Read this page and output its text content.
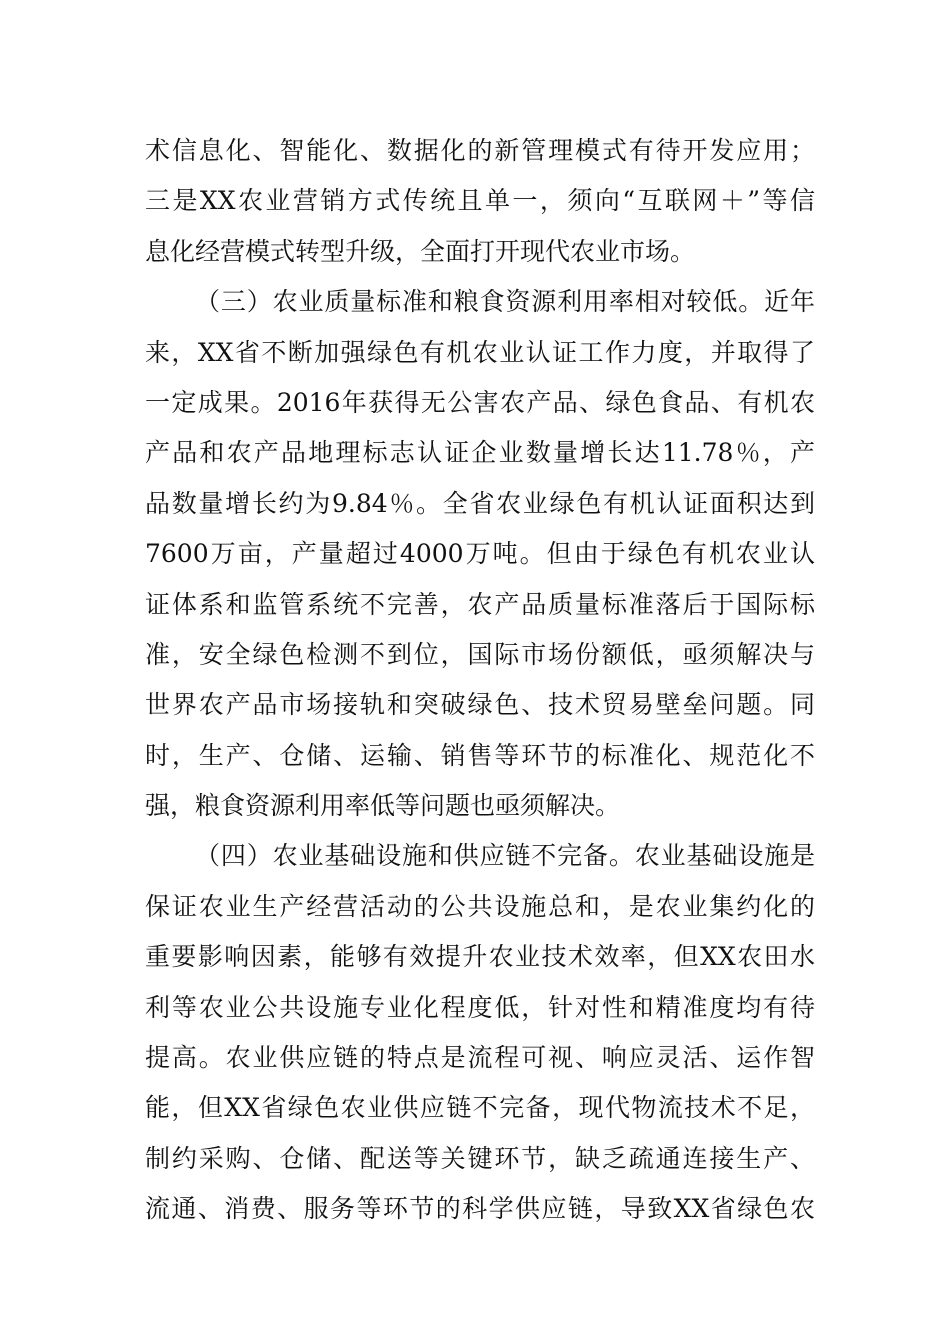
术信息化、智能化、数据化的新管理模式有待开发应用；
三是XX农业营销方式传统且单一，须向“互联网＋”等信
息化经营模式转型升级，全面打开现代农业市场。
（三）农业质量标准和粮食资源利用率相对较低。近年
来，XX省不断加强绿色有机农业认证工作力度，并取得了
一定成果。2016年获得无公害农产品、绿色食品、有机农
产品和农产品地理标志认证企业数量增长达11.78％，产
品数量增长约为9.84％。全省农业绿色有机认证面积达到
7600万亩，产量超过4000万吨。但由于绿色有机农业认
证体系和监管系统不完善，农产品质量标准落后于国际标
准，安全绿色检测不到位，国际市场份额低，亟须解决与
世界农产品市场接轨和突破绿色、技术贸易壁垒问题。同
时，生产、仓储、运输、销售等环节的标准化、规范化不
强，粮食资源利用率低等问题也亟须解决。
（四）农业基础设施和供应链不完备。农业基础设施是
保证农业生产经营活动的公共设施总和，是农业集约化的
重要影响因素，能够有效提升农业技术效率，但XX农田水
利等农业公共设施专业化程度低，针对性和精准度均有待
提高。农业供应链的特点是流程可视、响应灵活、运作智
能，但XX省绿色农业供应链不完备，现代物流技术不足，
制约采购、仓储、配送等关键环节，缺乏疏通连接生产、
流通、消费、服务等环节的科学供应链，导致XX省绿色农
